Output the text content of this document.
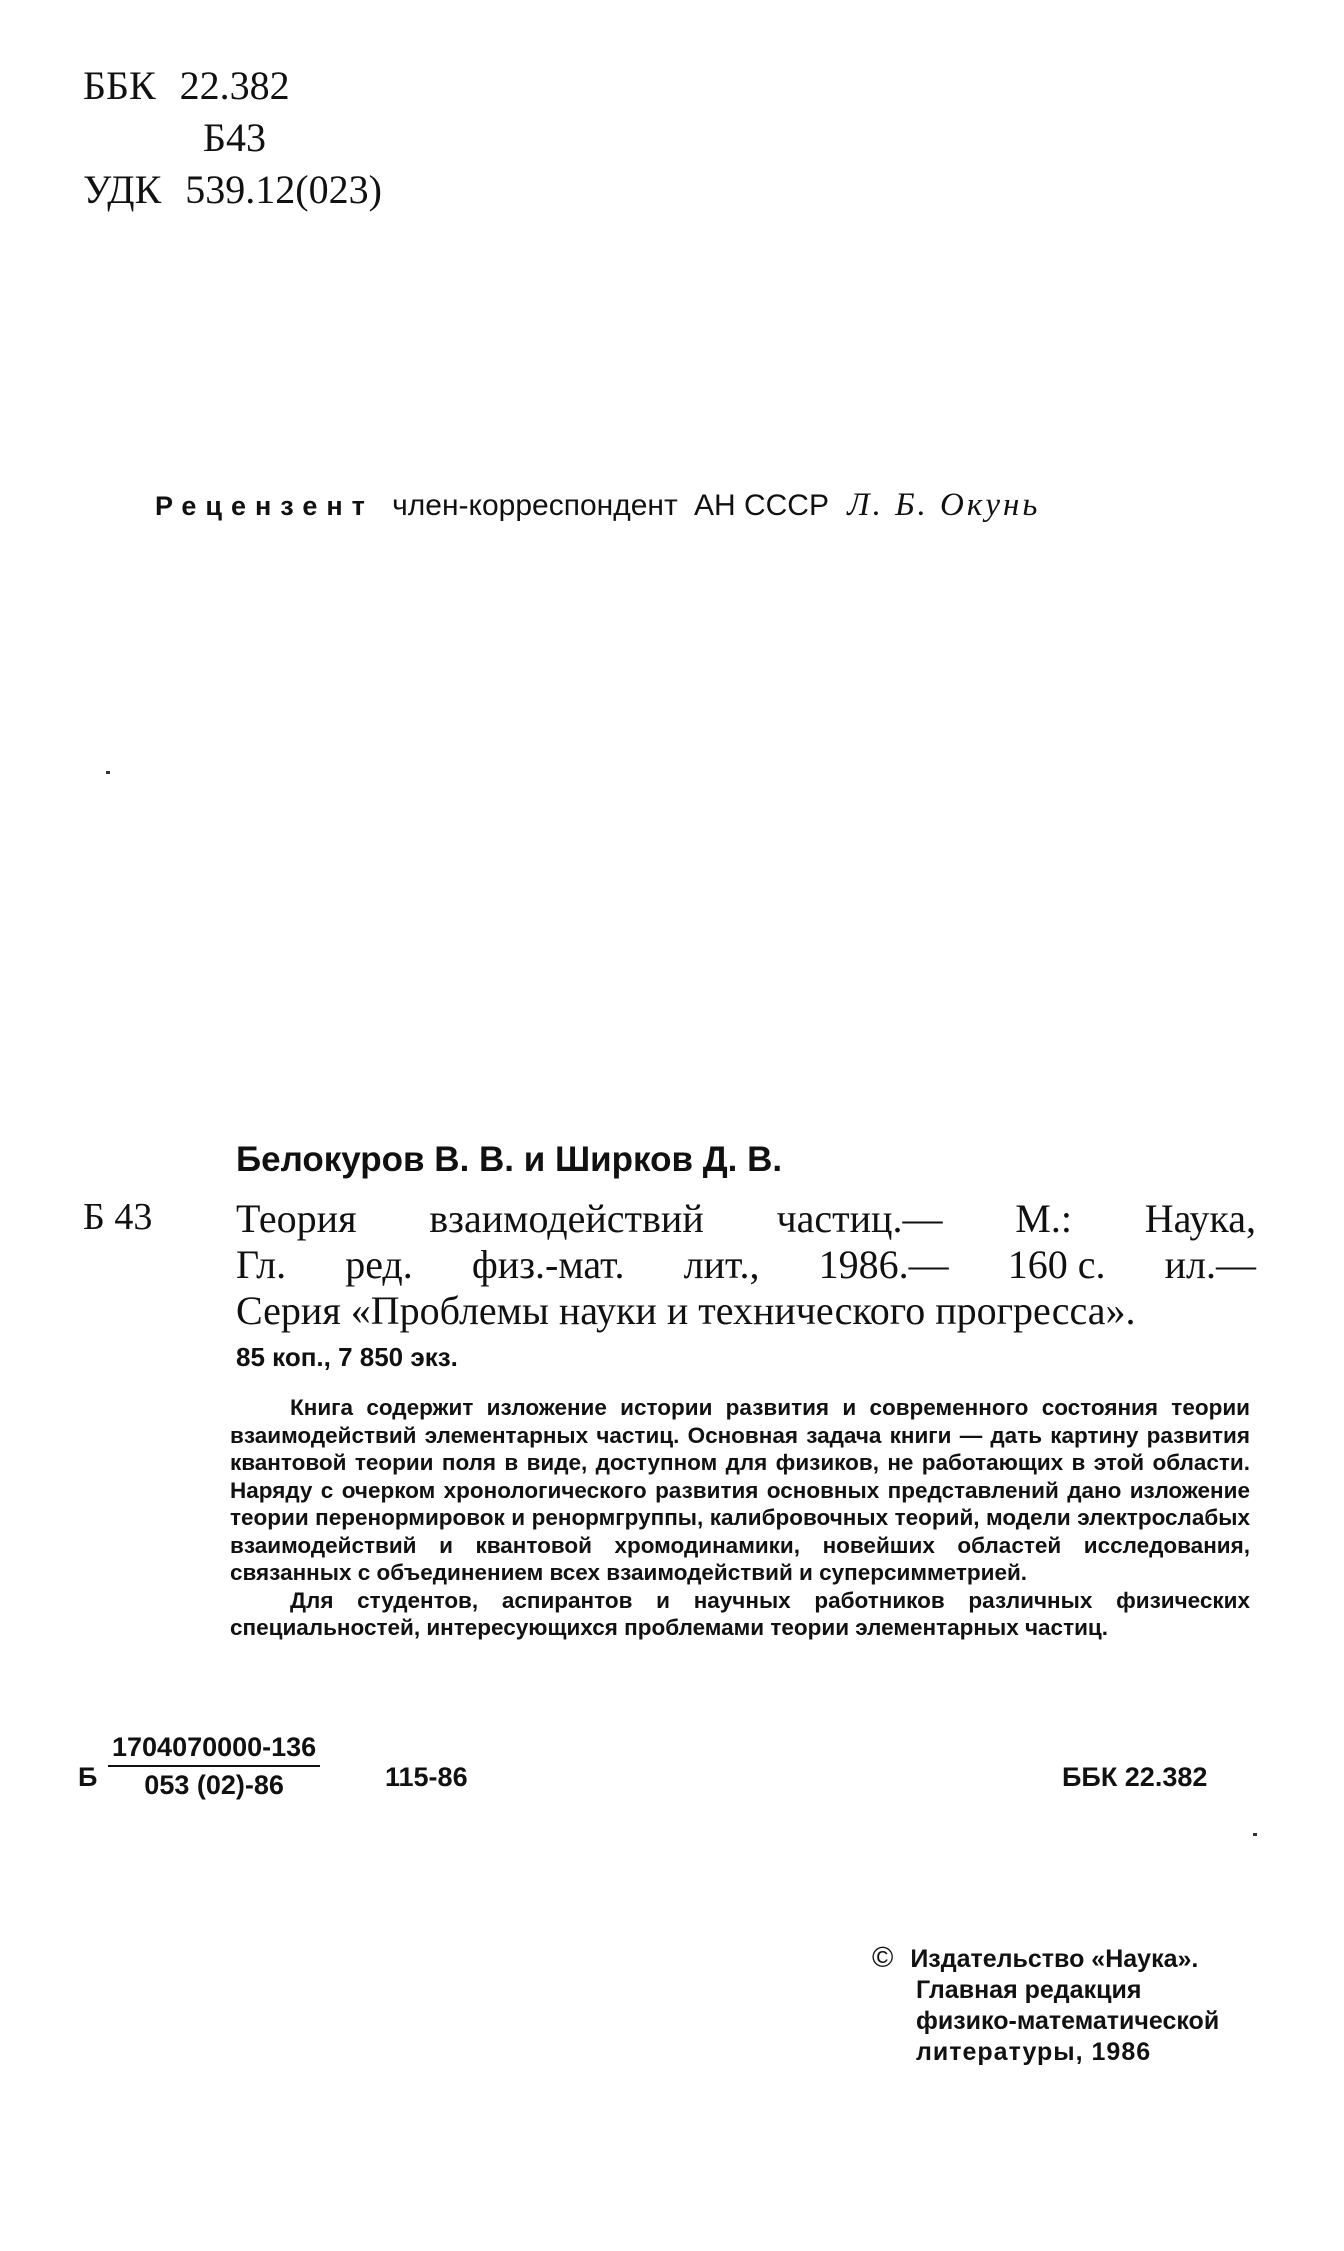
ББК 22.382
Б43
УДК 539.12(023)
Рецензент член-корреспондент АН СССР Л. Б. Окунь
Белокуров В. В. и Ширков Д. В.
Б 43 Теория взаимодействий частиц.— М.: Наука,
Гл. ред. физ.-мат. лит., 1986.— 160 с. ил.—
Серия «Проблемы науки и технического прогресса».
85 коп., 7 850 экз.

Книга содержит изложение истории развития и современного состояния теории взаимодействий элементарных частиц. Основная задача книги — дать картину развития квантовой теории поля в виде, доступном для физиков, не работающих в этой области. Наряду с очерком хронологического развития основных представлений дано изложение теории перенормировок и ренормгруппы, калибровочных теорий, модели электрослабых взаимодействий и квантовой хромодинамики, новейших областей исследования, связанных с объединением всех взаимодействий и суперсимметрией.

Для студентов, аспирантов и научных работников различных физических специальностей, интересующихся проблемами теории элементарных частиц.

Б $\frac{1704070000-136}{053 (02)-86} 115-86$	ББК 22.382
© Издательство «Наука».
Главная редакция
физико-математической
литературы, 1986
